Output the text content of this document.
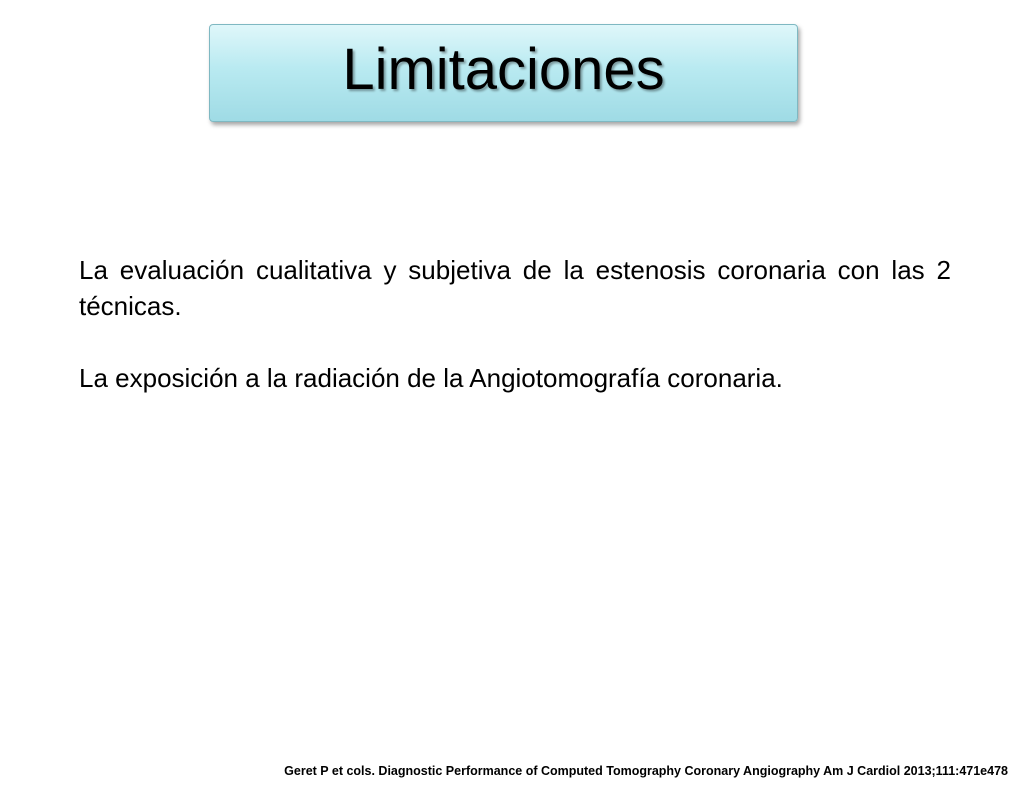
Limitaciones

La evaluación cualitativa y subjetiva de la estenosis coronaria con las 2 técnicas.

La exposición a la radiación de la Angiotomografía coronaria.

Geret P et cols. Diagnostic Performance of Computed Tomography Coronary Angiography Am J Cardiol 2013;111:471e478
